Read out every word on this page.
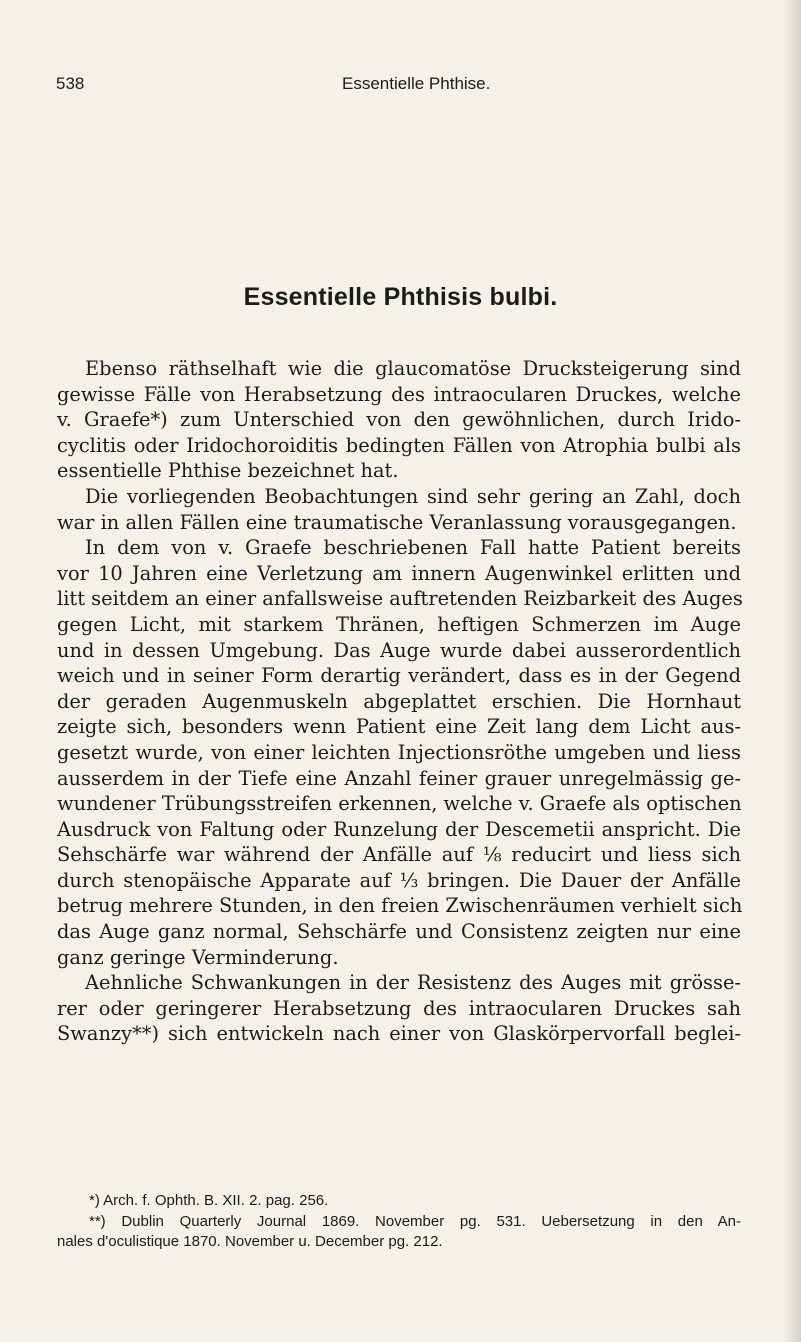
538	Essentielle Phthise.
Essentielle Phthisis bulbi.
Ebenso räthselhaft wie die glaucomatöse Drucksteigerung sind
gewisse Fälle von Herabsetzung des intraocularen Druckes, welche
v. Graefe*) zum Unterschied von den gewöhnlichen, durch Irido-
cyclitis oder Iridochoroiditis bedingten Fällen von Atrophia bulbi als
essentielle Phthise bezeichnet hat.
Die vorliegenden Beobachtungen sind sehr gering an Zahl, doch
war in allen Fällen eine traumatische Veranlassung vorausgegangen.
In dem von v. Graefe beschriebenen Fall hatte Patient bereits
vor 10 Jahren eine Verletzung am innern Augenwinkel erlitten und
litt seitdem an einer anfallsweise auftretenden Reizbarkeit des Auges
gegen Licht, mit starkem Thränen, heftigen Schmerzen im Auge
und in dessen Umgebung. Das Auge wurde dabei ausserordentlich
weich und in seiner Form derartig verändert, dass es in der Gegend
der geraden Augenmuskeln abgeplattet erschien. Die Hornhaut
zeigte sich, besonders wenn Patient eine Zeit lang dem Licht aus-
gesetzt wurde, von einer leichten Injectionsröthe umgeben und liess
ausserdem in der Tiefe eine Anzahl feiner grauer unregelmässig ge-
wundener Trübungsstreifen erkennen, welche v. Graefe als optischen
Ausdruck von Faltung oder Runzelung der Descemetii anspricht. Die
Sehschärfe war während der Anfälle auf ⅛ reducirt und liess sich
durch stenopäische Apparate auf ⅓ bringen. Die Dauer der Anfälle
betrug mehrere Stunden, in den freien Zwischenräumen verhielt sich
das Auge ganz normal, Sehschärfe und Consistenz zeigten nur eine
ganz geringe Verminderung.
Aehnliche Schwankungen in der Resistenz des Auges mit grösse-
rer oder geringerer Herabsetzung des intraocularen Druckes sah
Swanzy**) sich entwickeln nach einer von Glaskörpervorfall beglei-
*) Arch. f. Ophth. B. XII. 2. pag. 256.
**) Dublin Quarterly Journal 1869. November pg. 531. Uebersetzung in den An-
nales d'oculistique 1870. November u. December pg. 212.
